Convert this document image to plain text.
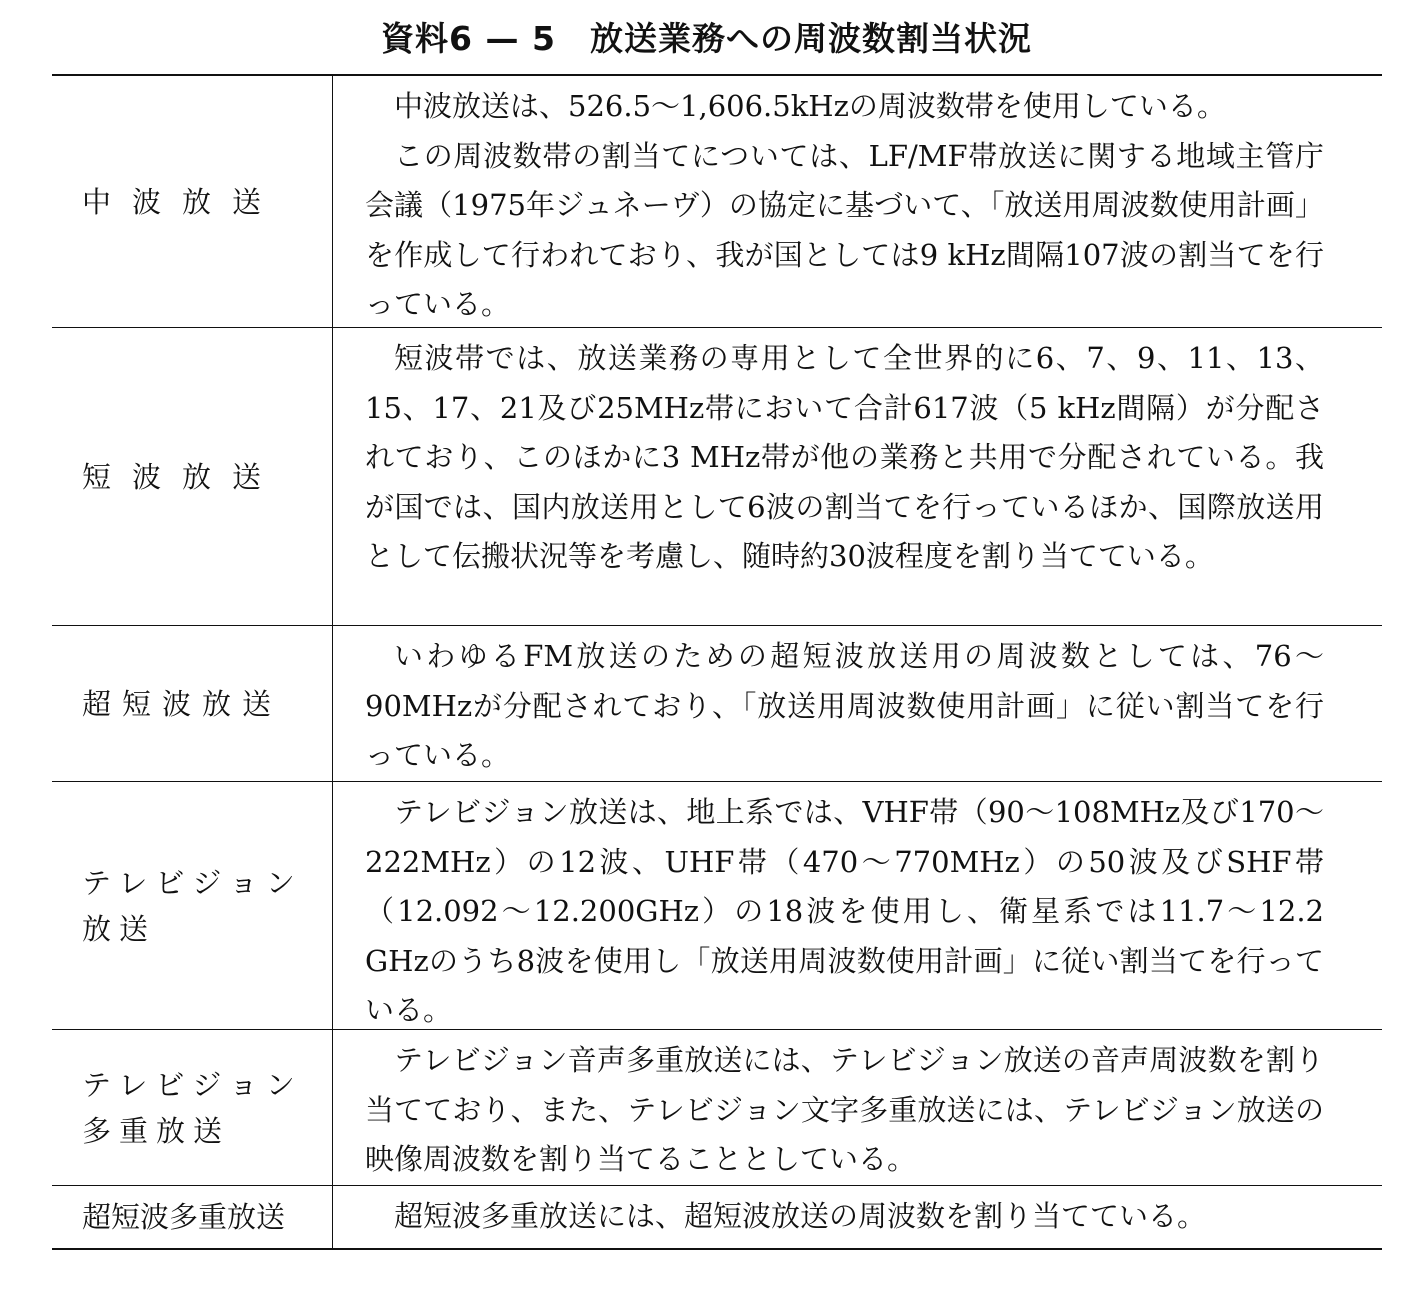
資料6 — 5　放送業務への周波数割当状況
中波放送

中波放送は、526.5～1,606.5kHzの周波数帯を使用している。

この周波数帯の割当てについては、LF/MF帯放送に関する地域主管庁会議（1975年ジュネーヴ）の協定に基づいて、「放送用周波数使用計画」を作成して行われており、我が国としては9 kHz間隔107波の割当てを行っている。

短波放送

短波帯では、放送業務の専用として全世界的に6、7、9、11、13、15、17、21及び25MHz帯において合計617波（5 kHz間隔）が分配されており、このほかに3 MHz帯が他の業務と共用で分配されている。我が国では、国内放送用として6波の割当てを行っているほか、国際放送用として伝搬状況等を考慮し、随時約30波程度を割り当てている。

超短波放送

いわゆるFM放送のための超短波放送用の周波数としては、76～90MHzが分配されており、「放送用周波数使用計画」に従い割当てを行っている。

テレビジョン放送

テレビジョン放送は、地上系では、VHF帯（90～108MHz及び170～222MHz）の12波、UHF帯（470～770MHz）の50波及びSHF帯（12.092～12.200GHz）の18波を使用し、衛星系では11.7～12.2 GHzのうち8波を使用し「放送用周波数使用計画」に従い割当てを行っている。

テレビジョン多重放送

テレビジョン音声多重放送には、テレビジョン放送の音声周波数を割り当てており、また、テレビジョン文字多重放送には、テレビジョン放送の映像周波数を割り当てることとしている。

超短波多重放送	超短波多重放送には、超短波放送の周波数を割り当てている。
